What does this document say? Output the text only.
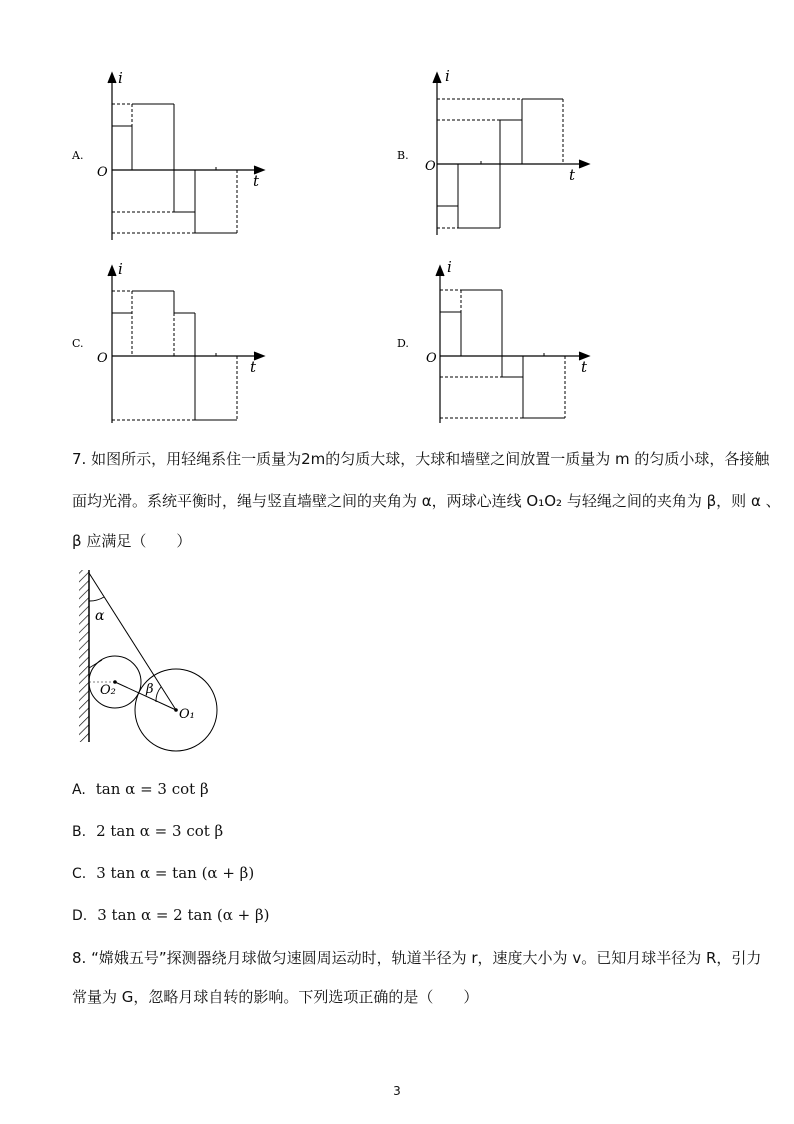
i
t
O
A.
i
t
O
B.
i
t
O
C.
i
t
O
D.
7. 如图所示，用轻绳系住一质量为2m的匀质大球，大球和墙壁之间放置一质量为 m 的匀质小球，各接触
面均光滑。系统平衡时，绳与竖直墙壁之间的夹角为 α，两球心连线 O₁O₂ 与轻绳之间的夹角为 β，则 α 、
β 应满足（　　）
α
β
O₂
O₁
A. tan α = 3 cot β
B. 2 tan α = 3 cot β
C. 3 tan α = tan (α + β)
D. 3 tan α = 2 tan (α + β)
8. “嫦娥五号”探测器绕月球做匀速圆周运动时，轨道半径为 r，速度大小为 v。已知月球半径为 R，引力
常量为 G，忽略月球自转的影响。下列选项正确的是（　　）
3
